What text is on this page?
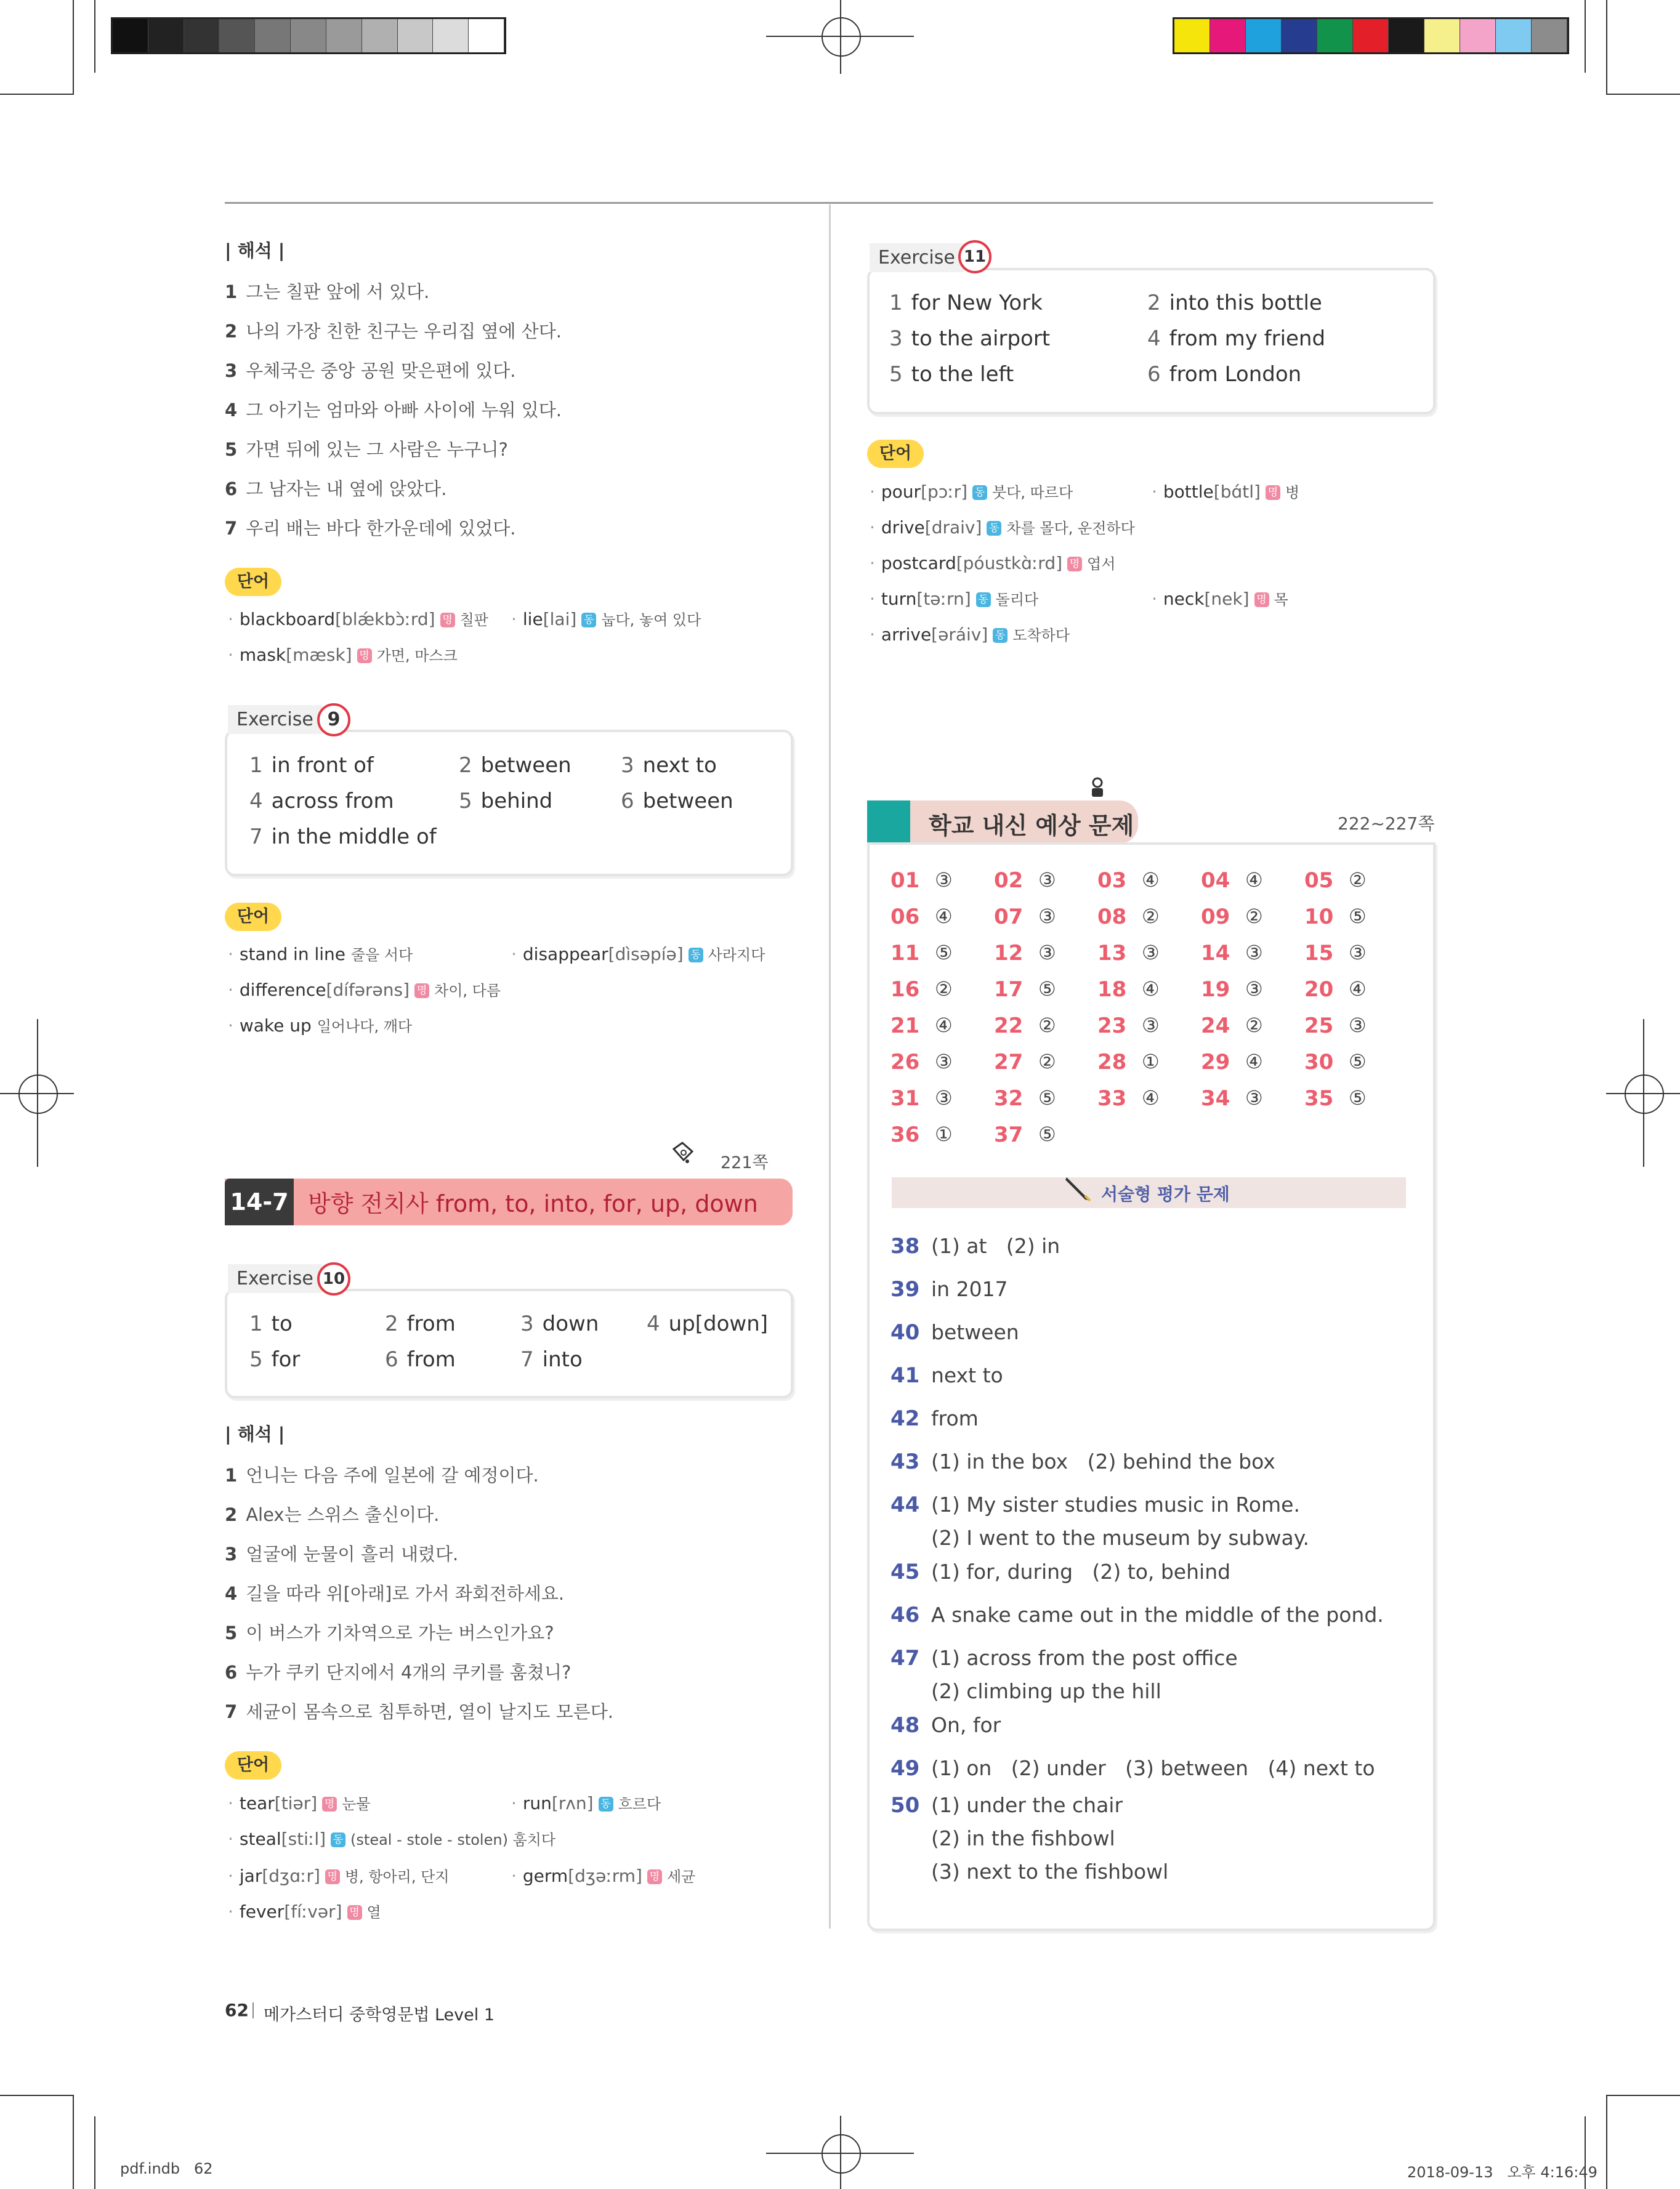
| 해석 |
1 그는 칠판 앞에 서 있다.
2 나의 가장 친한 친구는 우리집 옆에 산다.
3 우체국은 중앙 공원 맞은편에 있다.
4 그 아기는 엄마와 아빠 사이에 누워 있다.
5 가면 뒤에 있는 그 사람은 누구니?
6 그 남자는 내 옆에 앉았다.
7 우리 배는 바다 한가운데에 있었다.
단어
· blackboard[blǽkbɔ̀ːrd] 명 칠판 · lie[lai] 동 눕다, 놓여 있다
· mask[mæsk] 명 가면, 마스크
Exercise 9
1 in front of	2 between 3 next to
4 across from	5 behind	6 between
7 in the middle of
단어
· stand in line 줄을 서다	· disappear[dìsəpíə] 동 사라지다
· difference[dífərəns] 명 차이, 다름
· wake up 일어나다, 깨다
221쪽
14-7 방향 전치사 from, to, into, for, up, down
Exercise 10
1 to	2 from	3 down 4 up[down]
5 for	6 from	7 into
| 해석 |
1 언니는 다음 주에 일본에 갈 예정이다.
2 Alex는 스위스 출신이다.
3 얼굴에 눈물이 흘러 내렸다.
4 길을 따라 위[아래]로 가서 좌회전하세요.
5 이 버스가 기차역으로 가는 버스인가요?
6 누가 쿠키 단지에서 4개의 쿠키를 훔쳤니?
7 세균이 몸속으로 침투하면, 열이 날지도 모른다.
단어
· tear[tiər] 명 눈물	· run[rʌn] 동 흐르다
· steal[stiːl] 동 (steal - stole - stolen) 훔치다
· jar[dʒɑːr] 명 병, 항아리, 단지	· germ[dʒəːrm] 명 세균
· fever[fíːvər] 명 열
Exercise 11
1 for New York	2 into this bottle
3 to the airport	4 from my friend
5 to the left	6 from London
단어
· pour[pɔːr] 동 붓다, 따르다	· bottle[bɑ́tl] 명 병
· drive[draiv] 동 차를 몰다, 운전하다
· postcard[póustkɑ̀ːrd] 명 엽서
· turn[təːrn] 동 돌리다	· neck[nek] 명 목
· arrive[əráiv] 동 도착하다
학교 내신 예상 문제	222~227쪽
01 ③ 02 ③ 03 ④ 04 ④ 05 ②
06 ④ 07 ③ 08 ② 09 ② 10 ⑤
11 ⑤ 12 ③ 13 ③ 14 ③ 15 ③
16 ② 17 ⑤ 18 ④ 19 ③ 20 ④
21 ④ 22 ② 23 ③ 24 ② 25 ③
26 ③ 27 ② 28 ① 29 ④ 30 ⑤
31 ③ 32 ⑤ 33 ④ 34 ③ 35 ⑤
36 ① 37 ⑤
서술형 평가 문제
38 (1) at   (2) in
39 in 2017
40 between
41 next to
42 from
43 (1) in the box   (2) behind the box
44 (1) My sister studies music in Rome.
(2) I went to the museum by subway.
45 (1) for, during   (2) to, behind
46 A snake came out in the middle of the pond.
47 (1) across from the post office
(2) climbing up the hill
48 On, for
49 (1) on   (2) under   (3) between   (4) next to
50 (1) under the chair
(2) in the fishbowl
(3) next to the fishbowl
62 메가스터디 중학영문법 Level 1
pdf.indb   62	2018-09-13   오후 4:16:49
